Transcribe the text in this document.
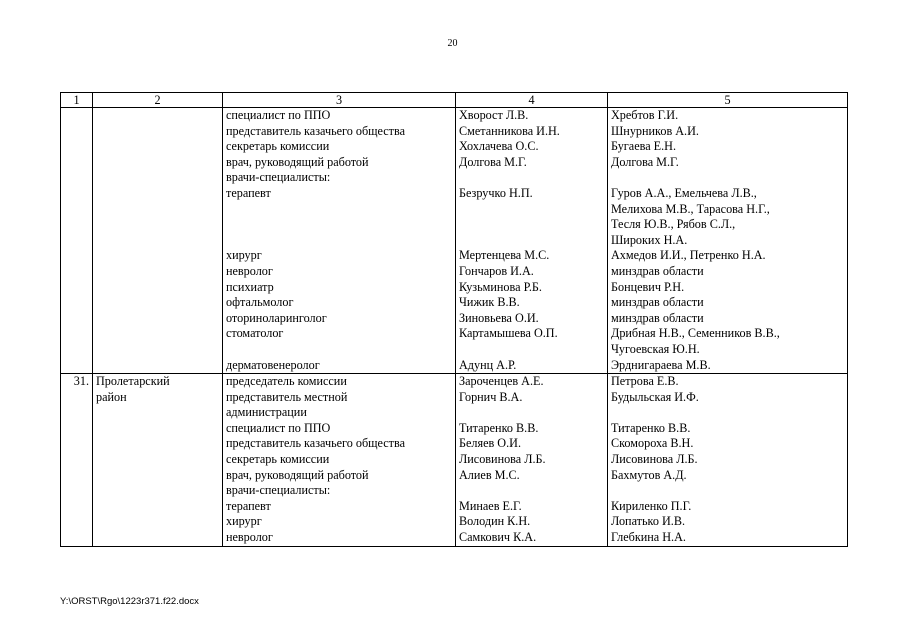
20
1	2	3	4	5
		специалист по ППО	Хворост Л.В.	Хребтов Г.И.
		представитель казачьего общества	Сметанникова И.Н.	Шнурников А.И.
		секретарь комиссии	Хохлачева О.С.	Бугаева Е.Н.
		врач, руководящий работой	Долгова М.Г.	Долгова М.Г.
		врачи-специалисты:		
		терапевт	Безручко Н.П.	Гуров А.А., Емельчева Л.В.,
				Мелихова М.В., Тарасова Н.Г.,
				Тесля Ю.В., Рябов С.Л.,
				Широких Н.А.
		хирург	Мертенцева М.С.	Ахмедов И.И., Петренко Н.А.
		невролог	Гончаров И.А.	минздрав области
		психиатр	Кузьминова Р.Б.	Бонцевич Р.Н.
		офтальмолог	Чижик В.В.	минздрав области
		оториноларинголог	Зиновьева О.И.	минздрав области
		стоматолог	Картамышева О.П.	Дрибная Н.В., Семенников В.В.,
				Чугоевская Ю.Н.
		дерматовенеролог	Адунц А.Р.	Эрднигараева М.В.
31.	Пролетарский	председатель комиссии	Зароченцев А.Е.	Петрова Е.В.
	район	представитель местной	Горнич В.А.	Будыльская И.Ф.
		администрации		
		специалист по ППО	Титаренко В.В.	Титаренко В.В.
		представитель казачьего общества	Беляев О.И.	Скомороха В.Н.
		секретарь комиссии	Лисовинова Л.Б.	Лисовинова Л.Б.
		врач, руководящий работой	Алиев М.С.	Бахмутов А.Д.
		врачи-специалисты:		
		терапевт	Минаев Е.Г.	Кириленко П.Г.
		хирург	Володин К.Н.	Лопатько И.В.
		невролог	Самкович К.А.	Глебкина Н.А.
Y:\ORST\Rgo\1223r371.f22.docx
